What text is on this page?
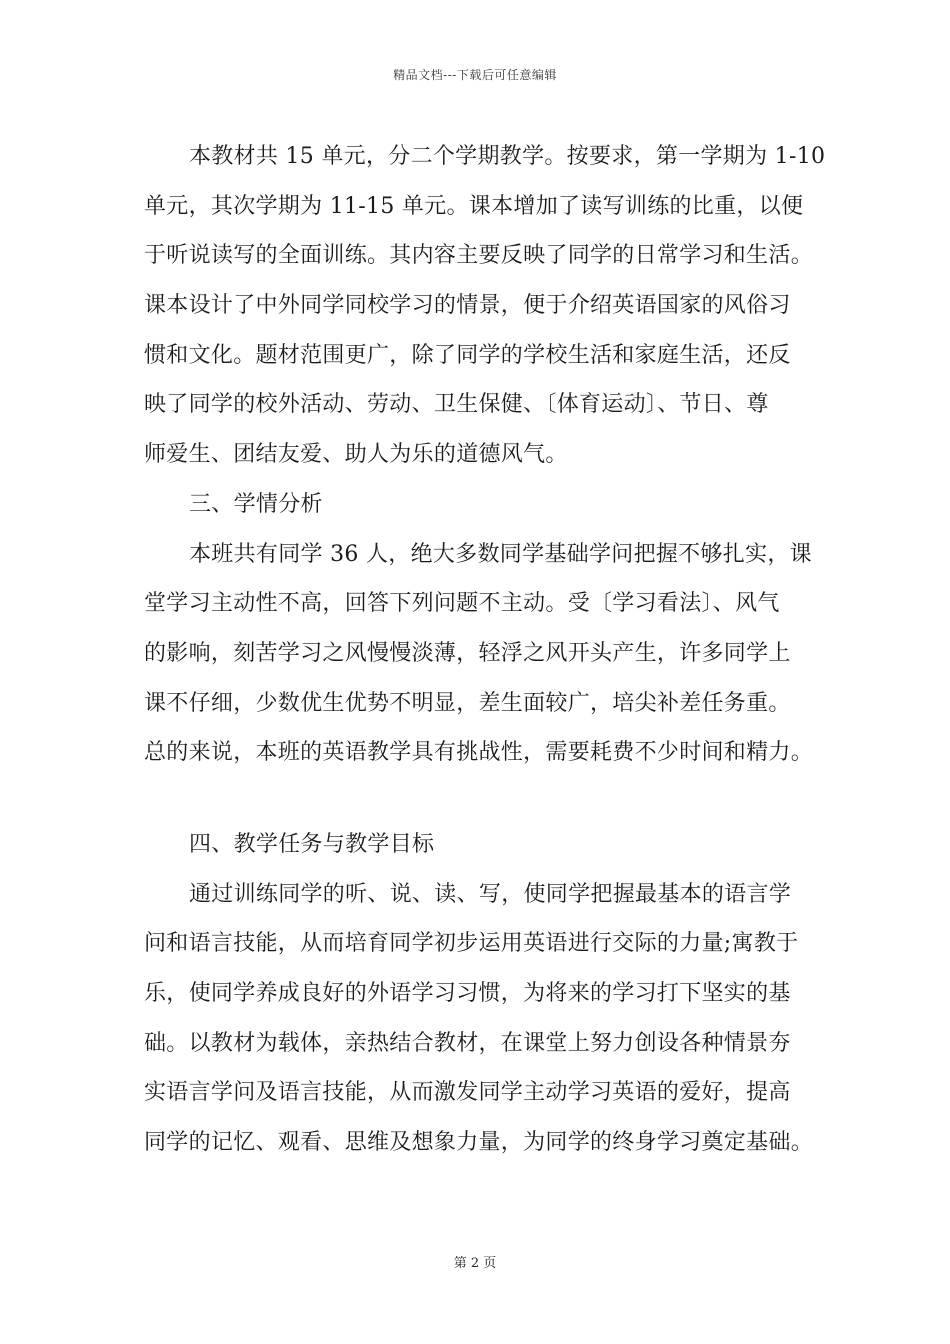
精品文档---下载后可任意编辑
本教材共 15 单元，分二个学期教学。按要求，第一学期为 1-10
单元，其次学期为 11-15 单元。课本增加了读写训练的比重，以便
于听说读写的全面训练。其内容主要反映了同学的日常学习和生活。
课本设计了中外同学同校学习的情景，便于介绍英语国家的风俗习
惯和文化。题材范围更广，除了同学的学校生活和家庭生活，还反
映了同学的校外活动、劳动、卫生保健、〔体育运动〕、节日、尊
师爱生、团结友爱、助人为乐的道德风气。
三、学情分析
本班共有同学 36 人，绝大多数同学基础学问把握不够扎实，课
堂学习主动性不高，回答下列问题不主动。受〔学习看法〕、风气
的影响，刻苦学习之风慢慢淡薄，轻浮之风开头产生，许多同学上
课不仔细，少数优生优势不明显，差生面较广，培尖补差任务重。
总的来说，本班的英语教学具有挑战性，需要耗费不少时间和精力。
四、教学任务与教学目标
通过训练同学的听、说、读、写，使同学把握最基本的语言学
问和语言技能，从而培育同学初步运用英语进行交际的力量;寓教于
乐，使同学养成良好的外语学习习惯，为将来的学习打下坚实的基
础。以教材为载体，亲热结合教材，在课堂上努力创设各种情景夯
实语言学问及语言技能，从而激发同学主动学习英语的爱好，提高
同学的记忆、观看、思维及想象力量，为同学的终身学习奠定基础。
第 2 页
